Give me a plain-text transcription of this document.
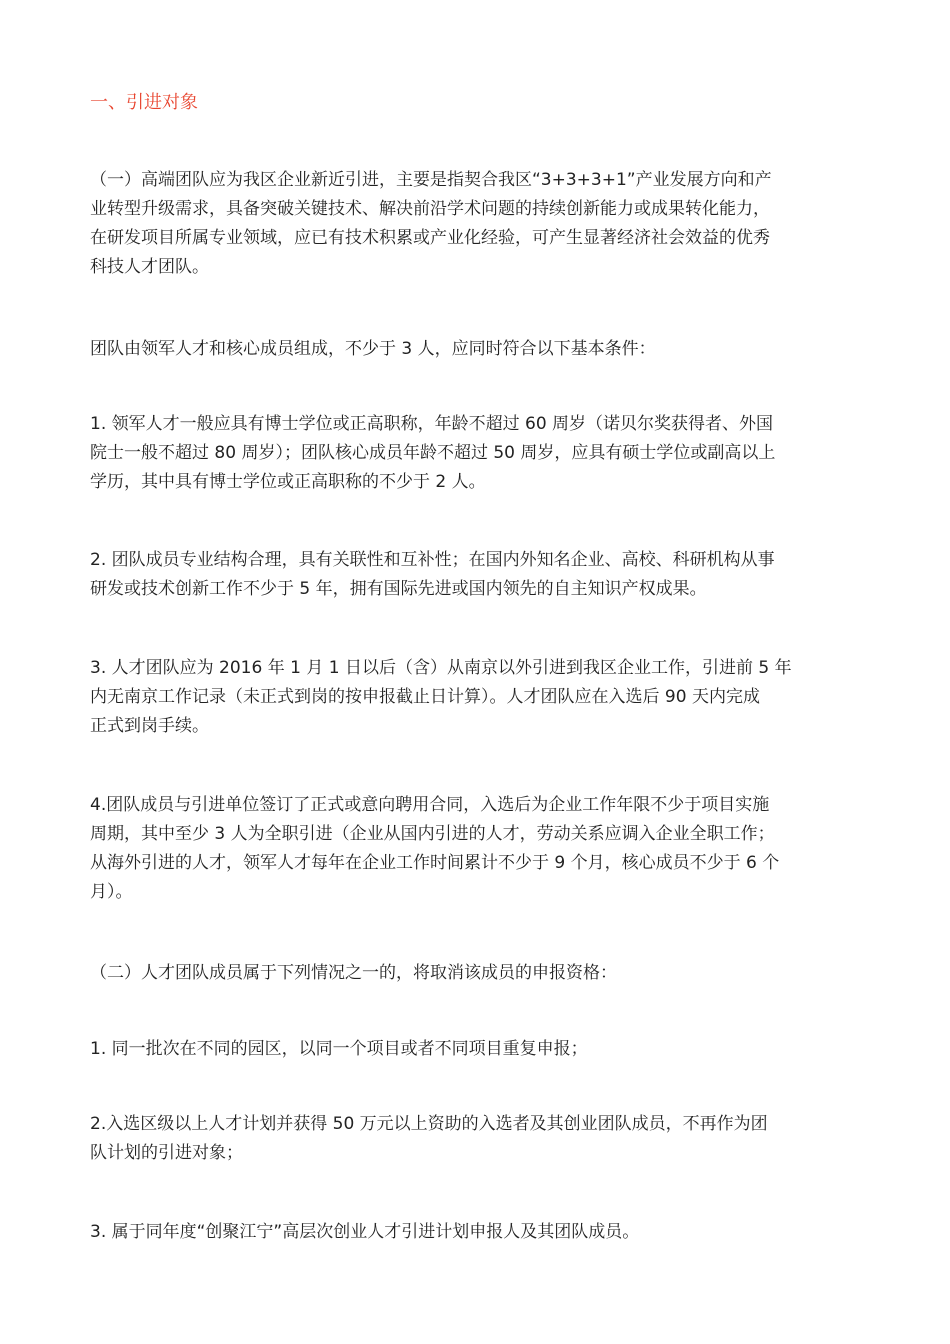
一、引进对象
（一）高端团队应为我区企业新近引进，主要是指契合我区“3+3+3+1”产业发展方向和产
业转型升级需求，具备突破关键技术、解决前沿学术问题的持续创新能力或成果转化能力，
在研发项目所属专业领域，应已有技术积累或产业化经验，可产生显著经济社会效益的优秀
科技人才团队。
团队由领军人才和核心成员组成，不少于 3 人，应同时符合以下基本条件：
1. 领军人才一般应具有博士学位或正高职称，年龄不超过 60 周岁（诺贝尔奖获得者、外国
院士一般不超过 80 周岁）；团队核心成员年龄不超过 50 周岁，应具有硕士学位或副高以上
学历，其中具有博士学位或正高职称的不少于 2 人。
2. 团队成员专业结构合理，具有关联性和互补性；在国内外知名企业、高校、科研机构从事
研发或技术创新工作不少于 5 年，拥有国际先进或国内领先的自主知识产权成果。
3. 人才团队应为 2016 年 1 月 1 日以后（含）从南京以外引进到我区企业工作，引进前 5 年
内无南京工作记录（未正式到岗的按申报截止日计算）。人才团队应在入选后 90 天内完成
正式到岗手续。
4.团队成员与引进单位签订了正式或意向聘用合同，入选后为企业工作年限不少于项目实施
周期，其中至少 3 人为全职引进（企业从国内引进的人才，劳动关系应调入企业全职工作；
从海外引进的人才，领军人才每年在企业工作时间累计不少于 9 个月，核心成员不少于 6 个
月）。
（二）人才团队成员属于下列情况之一的，将取消该成员的申报资格：
1. 同一批次在不同的园区，以同一个项目或者不同项目重复申报；
2.入选区级以上人才计划并获得 50 万元以上资助的入选者及其创业团队成员，不再作为团
队计划的引进对象；
3. 属于同年度“创聚江宁”高层次创业人才引进计划申报人及其团队成员。
